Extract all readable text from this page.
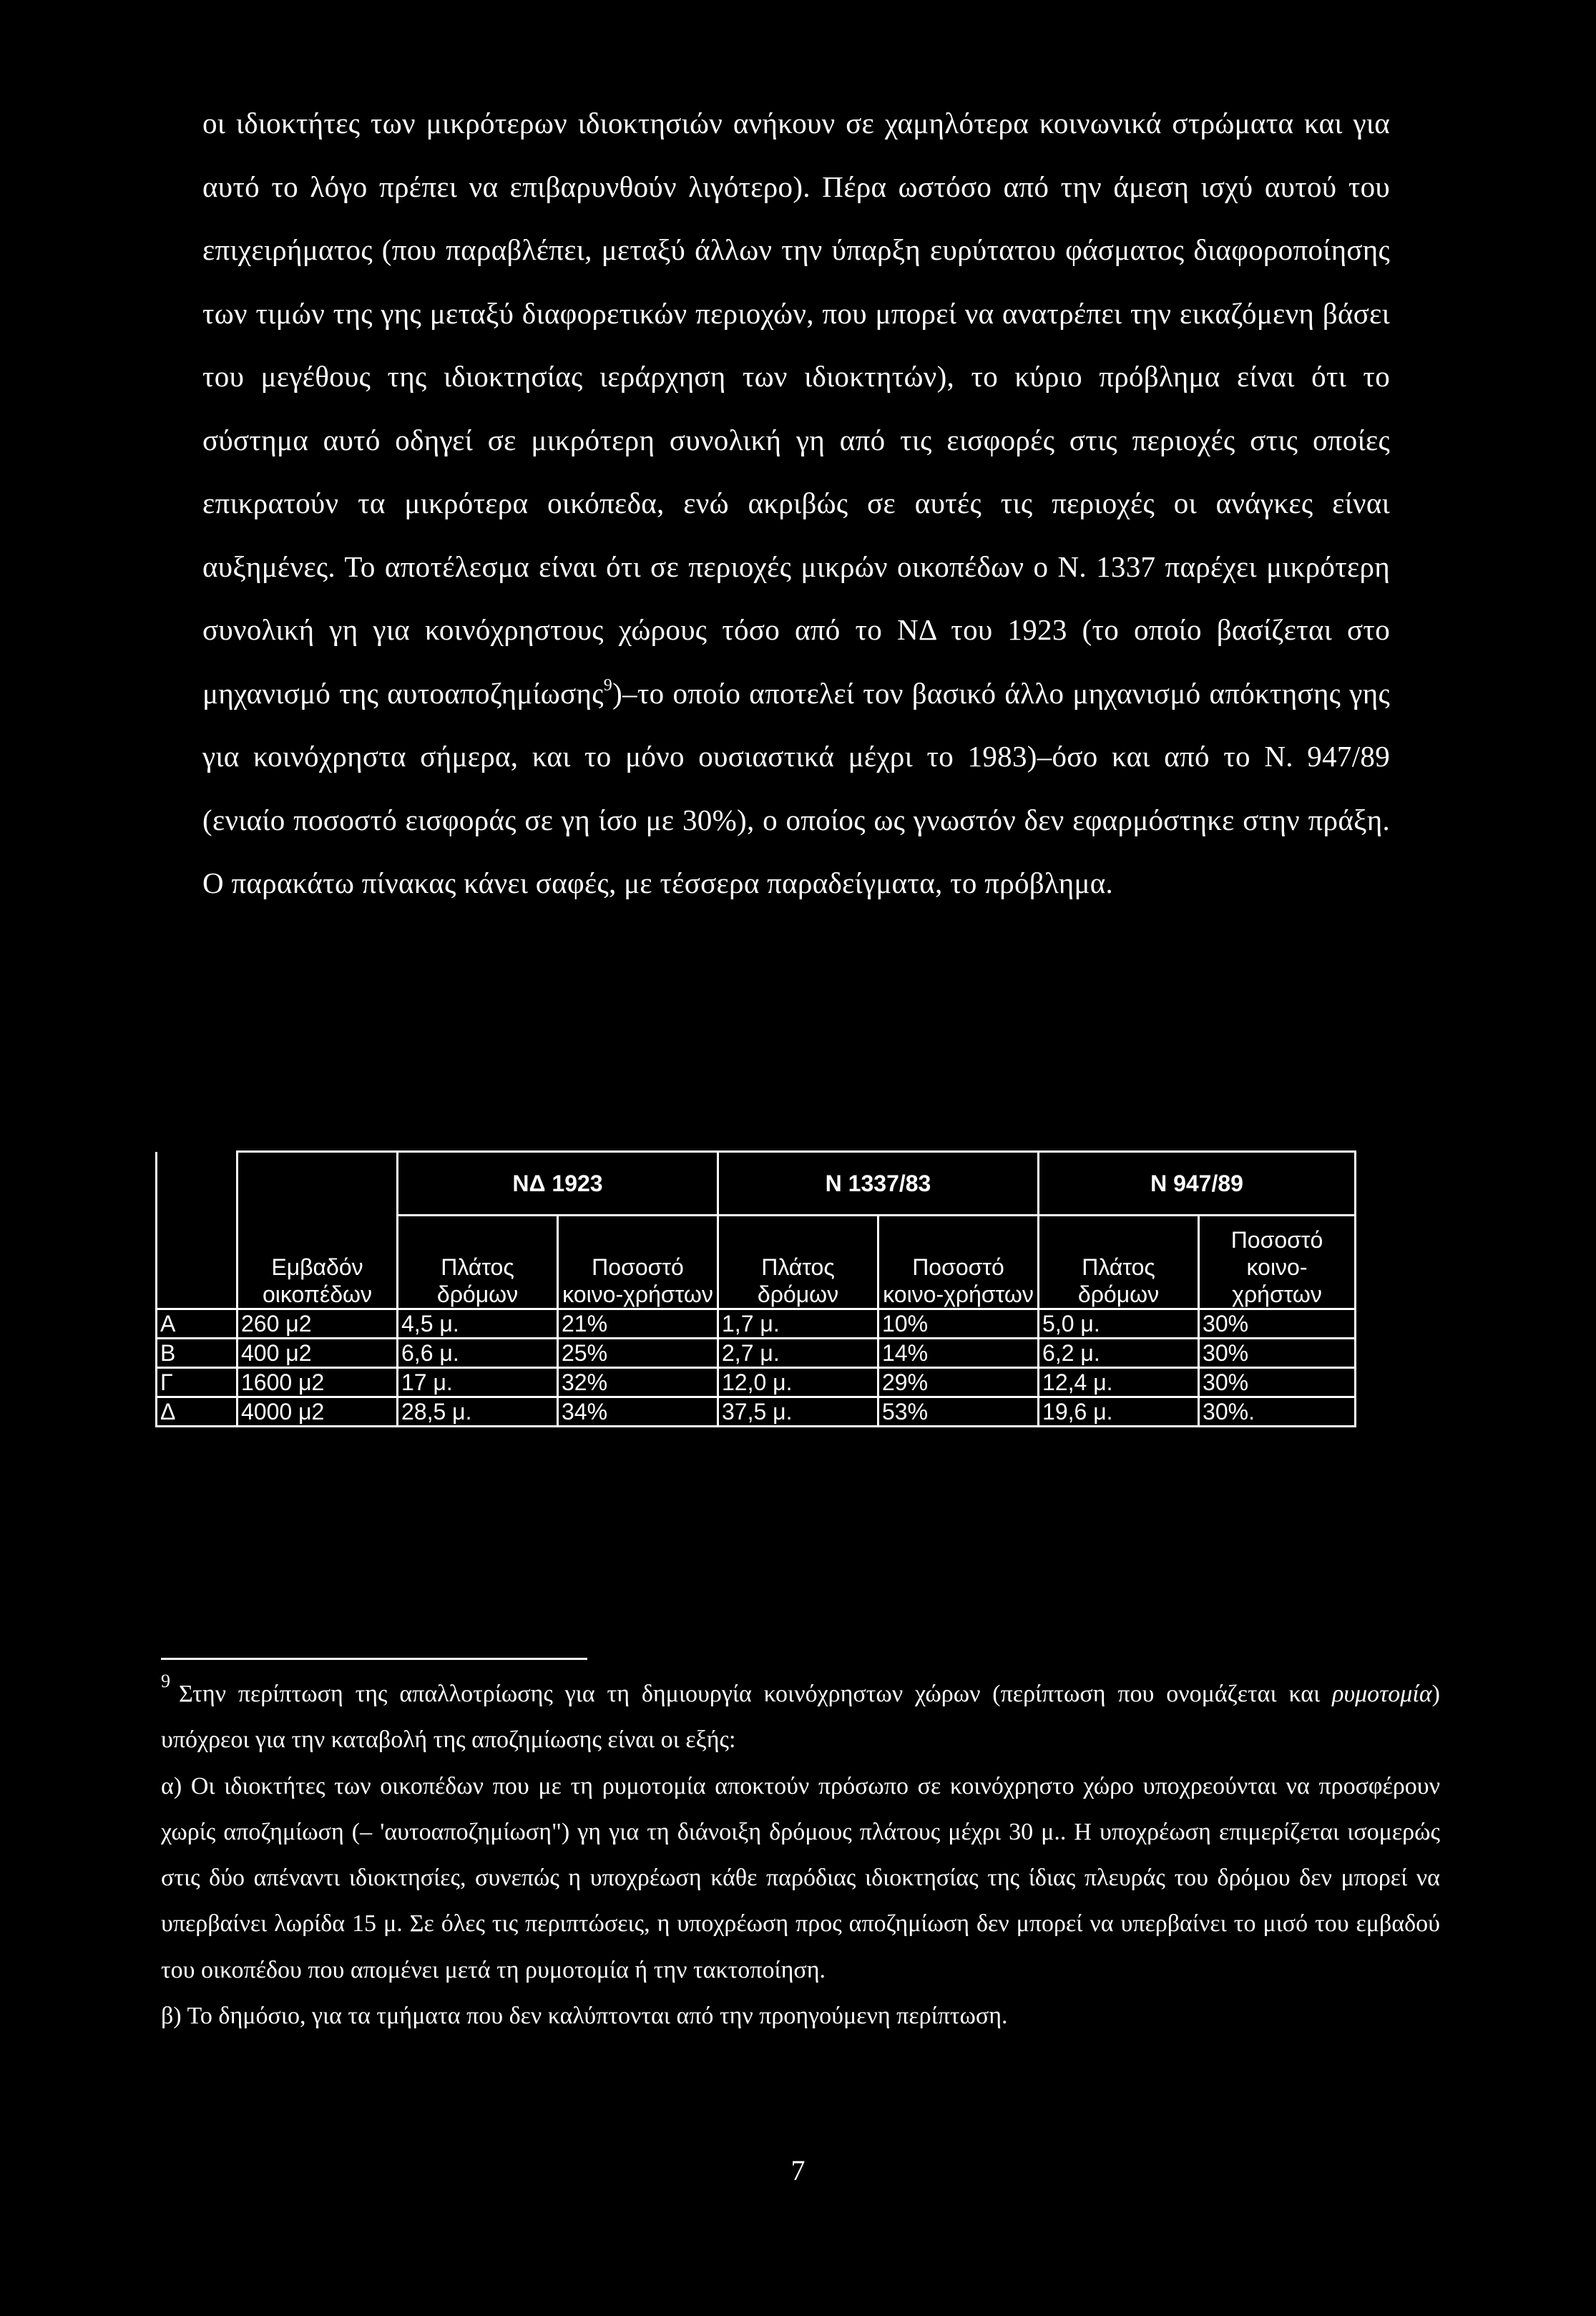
οι ιδιοκτήτες των μικρότερων ιδιοκτησιών ανήκουν σε χαμηλότερα κοινωνικά στρώματα και για αυτό το λόγο πρέπει να επιβαρυνθούν λιγότερο). Πέρα ωστόσο από την άμεση ισχύ αυτού του επιχειρήματος (που παραβλέπει, μεταξύ άλλων την ύπαρξη ευρύτατου φάσματος διαφοροποίησης των τιμών της γης μεταξύ διαφορετικών περιοχών, που μπορεί να ανατρέπει την εικαζόμενη βάσει του μεγέθους της ιδιοκτησίας ιεράρχηση των ιδιοκτητών), το κύριο πρόβλημα είναι ότι το σύστημα αυτό οδηγεί σε μικρότερη συνολική γη από τις εισφορές στις περιοχές στις οποίες επικρατούν τα μικρότερα οικόπεδα, ενώ ακριβώς σε αυτές τις περιοχές οι ανάγκες είναι αυξημένες. Το αποτέλεσμα είναι ότι σε περιοχές μικρών οικοπέδων ο Ν. 1337 παρέχει μικρότερη συνολική γη για κοινόχρηστους χώρους τόσο από το ΝΔ του 1923 (το οποίο βασίζεται στο μηχανισμό της αυτοαποζημίωσης$^9$)–το οποίο αποτελεί τον βασικό άλλο μηχανισμό απόκτησης γης για κοινόχρηστα σήμερα, και το μόνο ουσιαστικά μέχρι το 1983)–όσο και από το Ν. 947/89 (ενιαίο ποσοστό εισφοράς σε γη ίσο με 30%), ο οποίος ως γνωστόν δεν εφαρμόστηκε στην πράξη. Ο παρακάτω πίνακας κάνει σαφές, με τέσσερα παραδείγματα, το πρόβλημα.
		ΝΔ 1923		Ν 1337/83		Ν 947/89	
	Εμβαδόν οικοπέδων	Πλάτος δρόμων	Ποσοστό κοινο-χρήστων	Πλάτος δρόμων	Ποσοστό κοινο-χρήστων	Πλάτος δρόμων	Ποσοστό κοινο-χρήστων
Α	260 μ2	4,5 μ.	21%	1,7 μ.	10%	5,0 μ.	30%
Β	400 μ2	6,6 μ.	25%	2,7 μ.	14%	6,2 μ.	30%
Γ	1600 μ2	17 μ.	32%	12,0 μ.	29%	12,4 μ.	30%
Δ	4000 μ2	28,5 μ.	34%	37,5 μ.	53%	19,6 μ.	30%.

$^9$ Στην περίπτωση της απαλλοτρίωσης για τη δημιουργία κοινόχρηστων χώρων (περίπτωση που ονομάζεται και ρυμοτομία) υπόχρεοι για την καταβολή της αποζημίωσης είναι οι εξής:

α) Οι ιδιοκτήτες των οικοπέδων που με τη ρυμοτομία αποκτούν πρόσωπο σε κοινόχρηστο χώρο υποχρεούνται να προσφέρουν χωρίς αποζημίωση (– 'αυτοαποζημίωση") γη για τη διάνοιξη δρόμους πλάτους μέχρι 30 μ.. Η υποχρέωση επιμερίζεται ισομερώς στις δύο απέναντι ιδιοκτησίες, συνεπώς η υποχρέωση κάθε παρόδιας ιδιοκτησίας της ίδιας πλευράς του δρόμου δεν μπορεί να υπερβαίνει λωρίδα 15 μ. Σε όλες τις περιπτώσεις, η υποχρέωση προς αποζημίωση δεν μπορεί να υπερβαίνει το μισό του εμβαδού του οικοπέδου που απομένει μετά τη ρυμοτομία ή την τακτοποίηση.

β) Το δημόσιο, για τα τμήματα που δεν καλύπτονται από την προηγούμενη περίπτωση.

7
